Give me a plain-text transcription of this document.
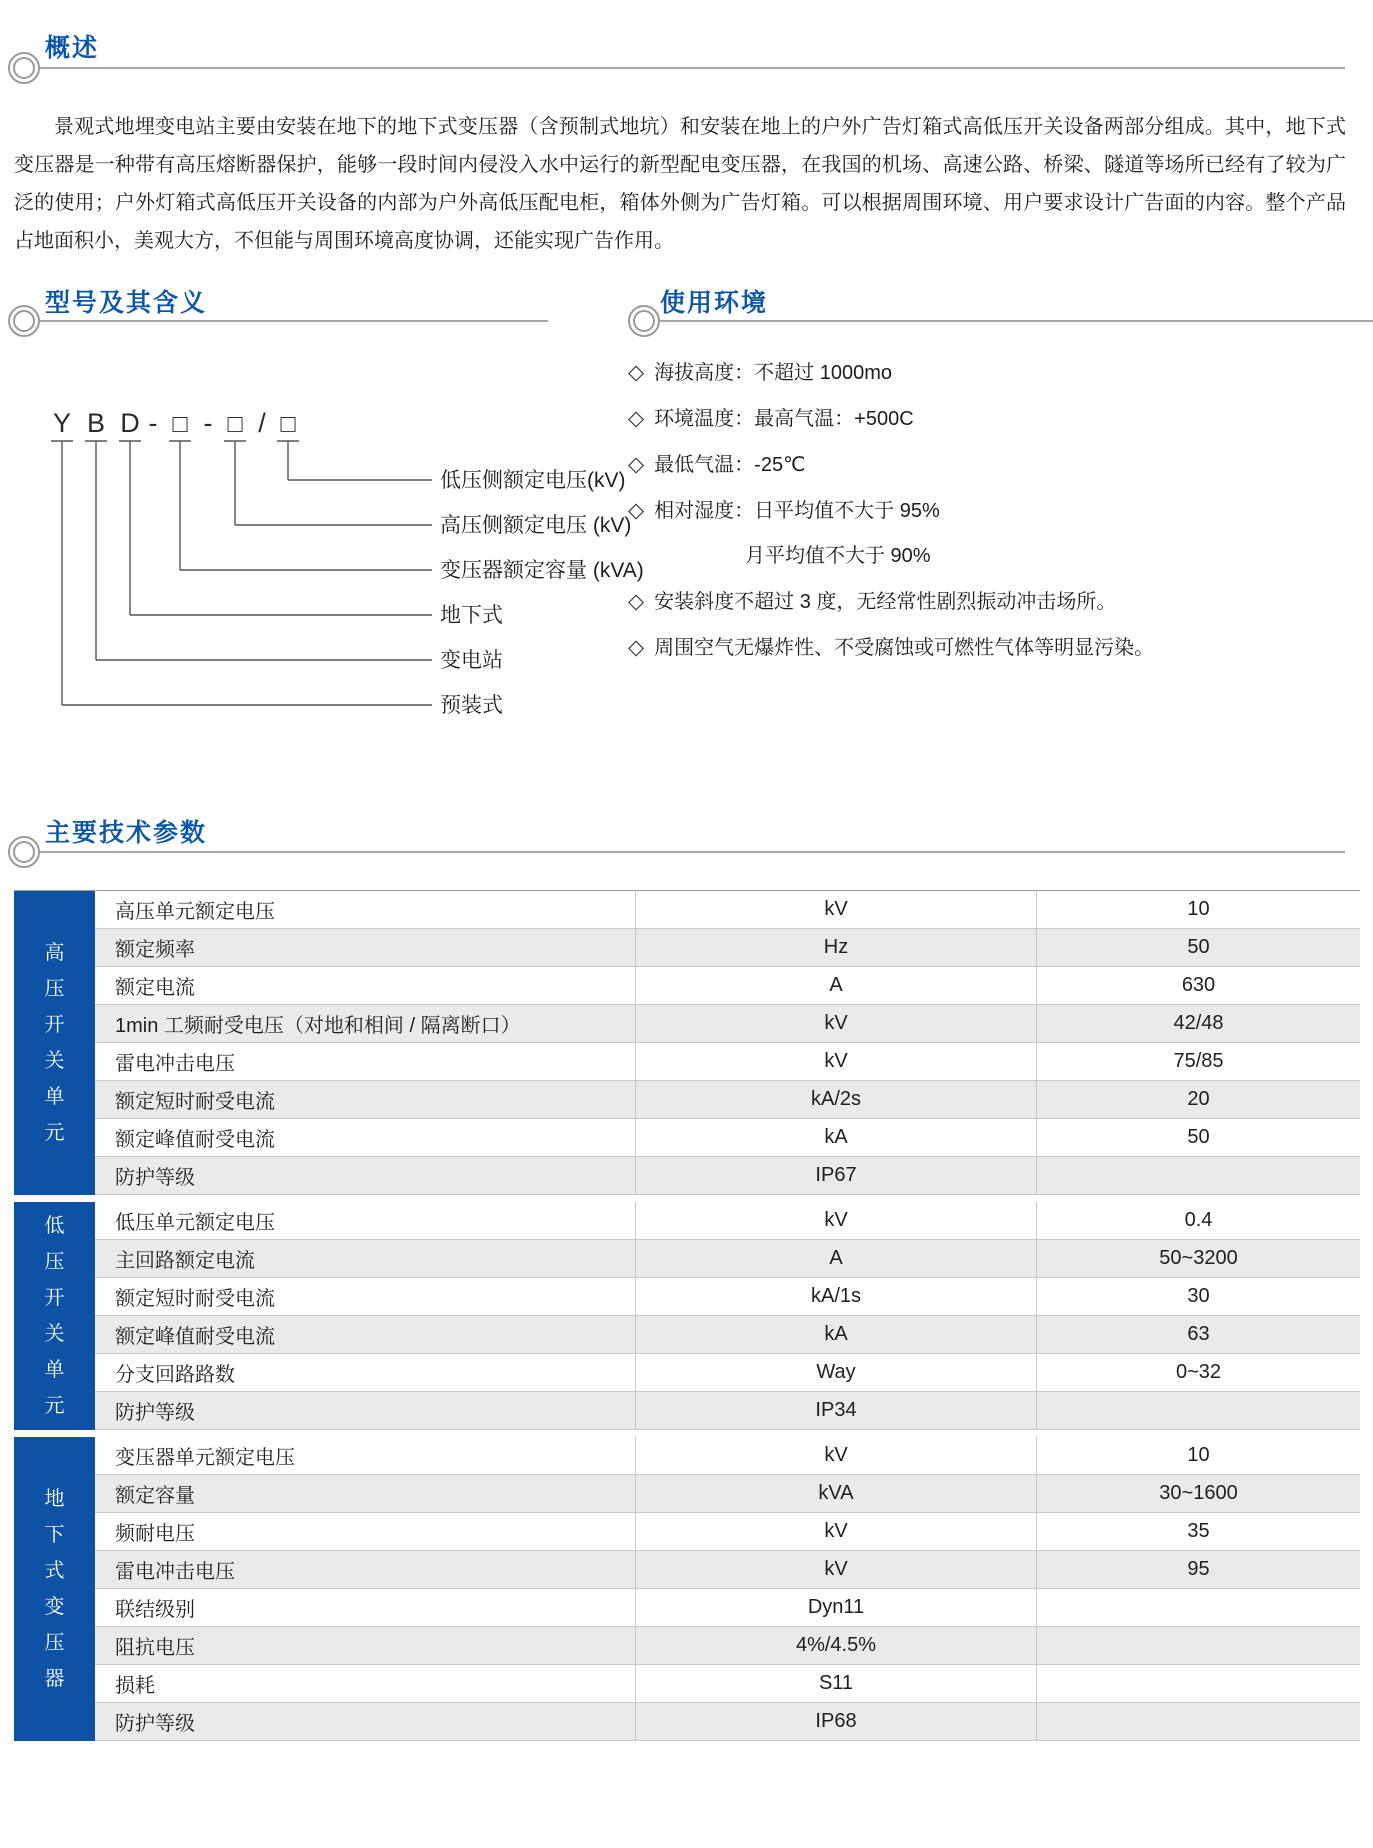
概述

景观式地埋变电站主要由安装在地下的地下式变压器（含预制式地坑）和安装在地上的户外广告灯箱式高低压开关设备两部分组成。其中，地下式变压器是一种带有高压熔断器保护，能够一段时间内侵没入水中运行的新型配电变压器，在我国的机场、高速公路、桥梁、隧道等场所已经有了较为广泛的使用；户外灯箱式高低压开关设备的内部为户外高低压配电柜，箱体外侧为广告灯箱。可以根据周围环境、用户要求设计广告面的内容。整个产品占地面积小，美观大方，不但能与周围环境高度协调，还能实现广告作用。

型号及其含义
Y B D - □ - □ / □
低压侧额定电压(kV)
高压侧额定电压 (kV)
变压器额定容量 (kVA)
地下式
变电站
预装式
使用环境
◇ 海拔高度：不超过 1000mo
◇ 环境温度：最高气温：+500C
◇ 最低气温：-25℃
◇ 相对湿度：日平均值不大于 95%
月平均值不大于 90%
◇ 安装斜度不超过 3 度，无经常性剧烈振动冲击场所。
◇ 周围空气无爆炸性、不受腐蚀或可燃性气体等明显污染。
主要技术参数
高
压
开
关
单
元
高压单元额定电压	kV	10
额定频率	Hz	50
额定电流	A	630
1min 工频耐受电压（对地和相间 / 隔离断口）	kV	42/48
雷电冲击电压	kV	75/85
额定短时耐受电流	kA/2s	20
额定峰值耐受电流	kA	50
防护等级	IP67
低
压
开
关
单
元
低压单元额定电压	kV	0.4
主回路额定电流	A	50~3200
额定短时耐受电流	kA/1s	30
额定峰值耐受电流	kA	63
分支回路路数	Way	0~32
防护等级	IP34
地
下
式
变
压
器
变压器单元额定电压	kV	10
额定容量	kVA	30~1600
频耐电压	kV	35
雷电冲击电压	kV	95
联结级别	Dyn11
阻抗电压	4%/4.5%
损耗	S11
防护等级	IP68
